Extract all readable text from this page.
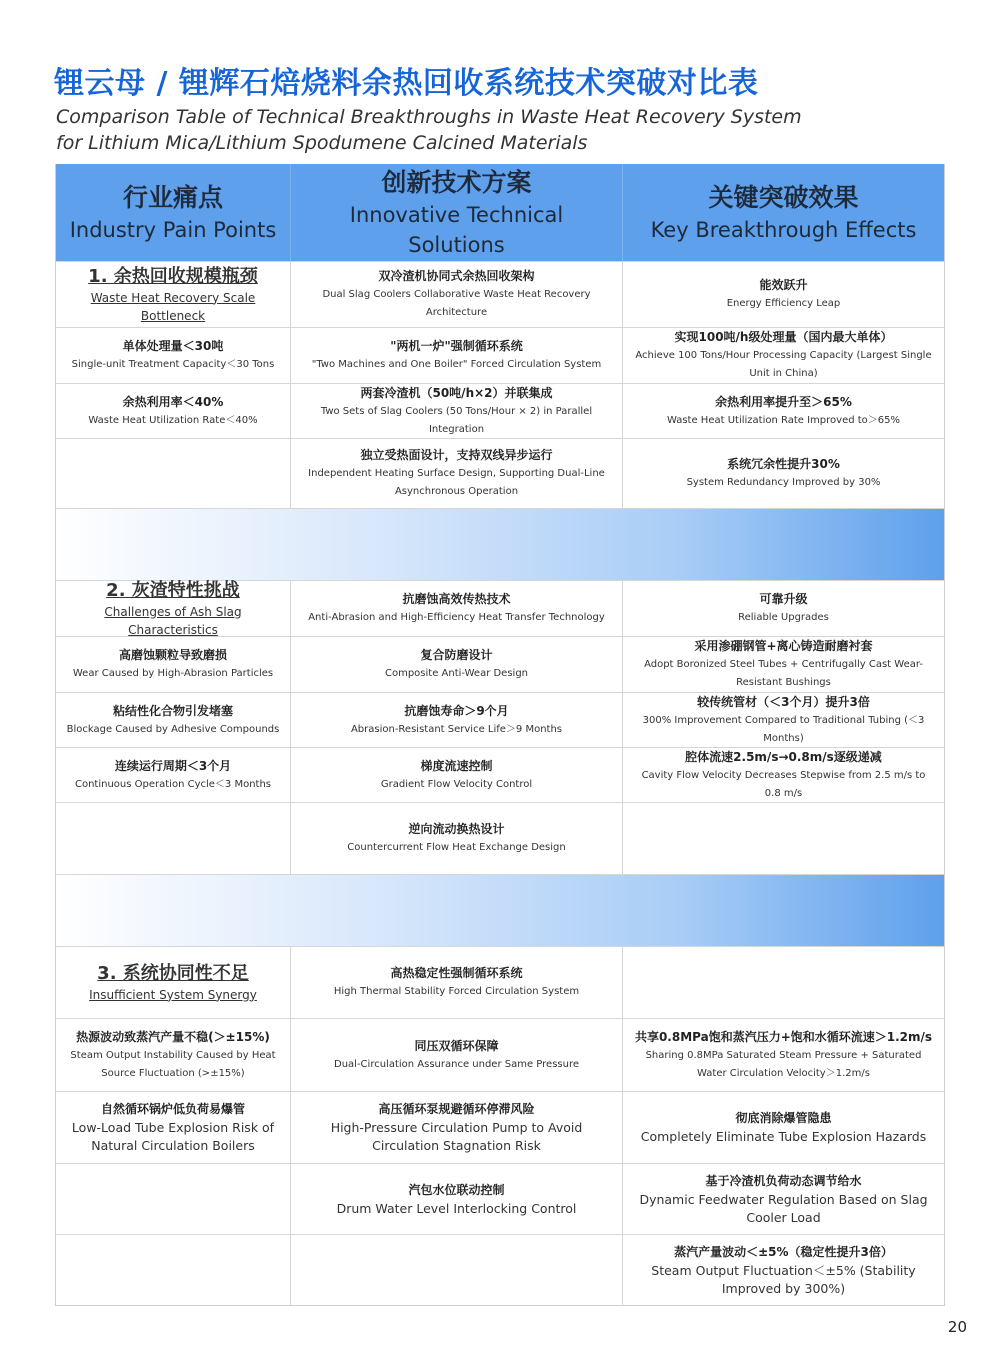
锂云母 / 锂辉石焙烧料余热回收系统技术突破对比表
Comparison Table of Technical Breakthroughs in Waste Heat Recovery System
for Lithium Mica/Lithium Spodumene Calcined Materials
行业痛点
Industry Pain Points
创新技术方案
Innovative Technical Solutions
关键突破效果
Key Breakthrough Effects
1. 余热回收规模瓶颈
Waste Heat Recovery Scale Bottleneck
双冷渣机协同式余热回收架构
Dual Slag Coolers Collaborative Waste Heat Recovery Architecture
能效跃升
Energy Efficiency Leap
单体处理量＜30吨
Single-unit Treatment Capacity＜30 Tons
"两机一炉"强制循环系统
"Two Machines and One Boiler" Forced Circulation System
实现100吨/h级处理量（国内最大单体）
Achieve 100 Tons/Hour Processing Capacity (Largest Single Unit in China)
余热利用率＜40%
Waste Heat Utilization Rate＜40%
两套冷渣机（50吨/h×2）并联集成
Two Sets of Slag Coolers (50 Tons/Hour × 2) in Parallel Integration
余热利用率提升至＞65%
Waste Heat Utilization Rate Improved to＞65%
独立受热面设计，支持双线异步运行
Independent Heating Surface Design, Supporting Dual-Line Asynchronous Operation
系统冗余性提升30%
System Redundancy Improved by 30%
2. 灰渣特性挑战
Challenges of Ash Slag Characteristics
抗磨蚀高效传热技术
Anti-Abrasion and High-Efficiency Heat Transfer Technology
可靠升级
Reliable Upgrades
高磨蚀颗粒导致磨损
Wear Caused by High-Abrasion Particles
复合防磨设计
Composite Anti-Wear Design
采用渗硼钢管+离心铸造耐磨衬套
Adopt Boronized Steel Tubes + Centrifugally Cast Wear-Resistant Bushings
粘结性化合物引发堵塞
Blockage Caused by Adhesive Compounds
抗磨蚀寿命＞9个月
Abrasion-Resistant Service Life＞9 Months
较传统管材（＜3个月）提升3倍
300% Improvement Compared to Traditional Tubing (＜3 Months)
连续运行周期＜3个月
Continuous Operation Cycle＜3 Months
梯度流速控制
Gradient Flow Velocity Control
腔体流速2.5m/s→0.8m/s逐级递减
Cavity Flow Velocity Decreases Stepwise from 2.5 m/s to 0.8 m/s
逆向流动换热设计
Countercurrent Flow Heat Exchange Design
3. 系统协同性不足
Insufficient System Synergy
高热稳定性强制循环系统
High Thermal Stability Forced Circulation System
热源波动致蒸汽产量不稳(＞±15%)
Steam Output Instability Caused by Heat Source Fluctuation (>±15%)
同压双循环保障
Dual-Circulation Assurance under Same Pressure
共享0.8MPa饱和蒸汽压力+饱和水循环流速＞1.2m/s
Sharing 0.8MPa Saturated Steam Pressure + Saturated Water Circulation Velocity＞1.2m/s
自然循环锅炉低负荷易爆管
Low-Load Tube Explosion Risk of Natural Circulation Boilers
高压循环泵规避循环停滞风险
High-Pressure Circulation Pump to Avoid Circulation Stagnation Risk
彻底消除爆管隐患
Completely Eliminate Tube Explosion Hazards
汽包水位联动控制
Drum Water Level Interlocking Control
基于冷渣机负荷动态调节给水
Dynamic Feedwater Regulation Based on Slag Cooler Load
蒸汽产量波动＜±5%（稳定性提升3倍）
Steam Output Fluctuation＜±5% (Stability Improved by 300%)
20
